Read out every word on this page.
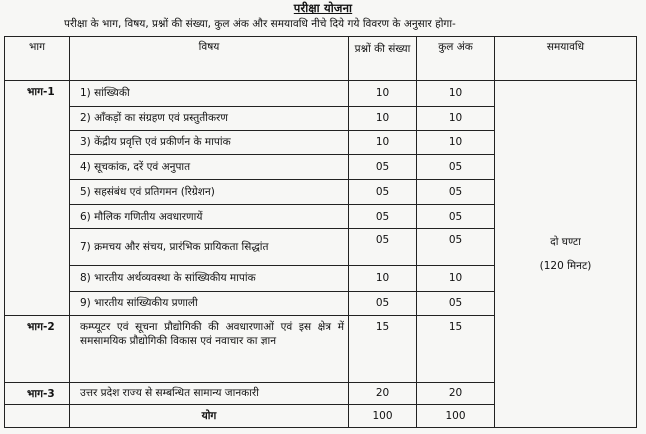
परीक्षा योजना
परीक्षा के भाग, विषय, प्रश्नों की संख्या, कुल अंक और समयावधि नीचे दिये गये विवरण के अनुसार होगा-
भाग	विषय	प्रश्नों की संख्या	कुल अंक	समयावधि
भाग-1	1) सांख्यिकी	10	10	दो घण्टा
(120 मिनट)

	2) आँकड़ों का संग्रहण एवं प्रस्तुतीकरण	10	10	
	3) केंद्रीय प्रवृत्ति एवं प्रकीर्णन के मापांक	10	10	
	4) सूचकांक, दरें एवं अनुपात	05	05	
	5) सहसंबंध एवं प्रतिगमन (रिग्रेशन)	05	05	
	6) मौलिक गणितीय अवधारणायें	05	05	
	7) क्रमचय और संचय, प्रारंभिक प्रायिकता सिद्धांत	05	05	
	8) भारतीय अर्थव्यवस्था के सांख्यिकीय मापांक	10	10	
	9) भारतीय सांख्यिकीय प्रणाली	05	05	
भाग-2	कम्प्यूटर एवं सूचना प्रौद्योगिकी की अवधारणाओं एवं इस क्षेत्र में समसामयिक प्रौद्योगिकी विकास एवं नवाचार का ज्ञान	15	15	
भाग-3	उत्तर प्रदेश राज्य से सम्बन्धित सामान्य जानकारी	20	20	
	योग	100	100	
